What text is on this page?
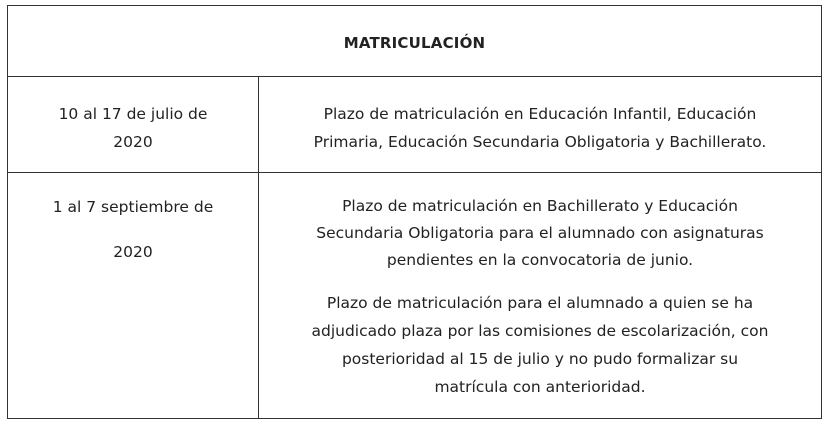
MATRICULACIÓN
10 al 17 de julio de
2020
Plazo de matriculación en Educación Infantil, Educación
Primaria, Educación Secundaria Obligatoria y Bachillerato.
1 al 7 septiembre de
2020
Plazo de matriculación en Bachillerato y Educación
Secundaria Obligatoria para el alumnado con asignaturas
pendientes en la convocatoria de junio.
Plazo de matriculación para el alumnado a quien se ha
adjudicado plaza por las comisiones de escolarización, con
posterioridad al 15 de julio y no pudo formalizar su
matrícula con anterioridad.
